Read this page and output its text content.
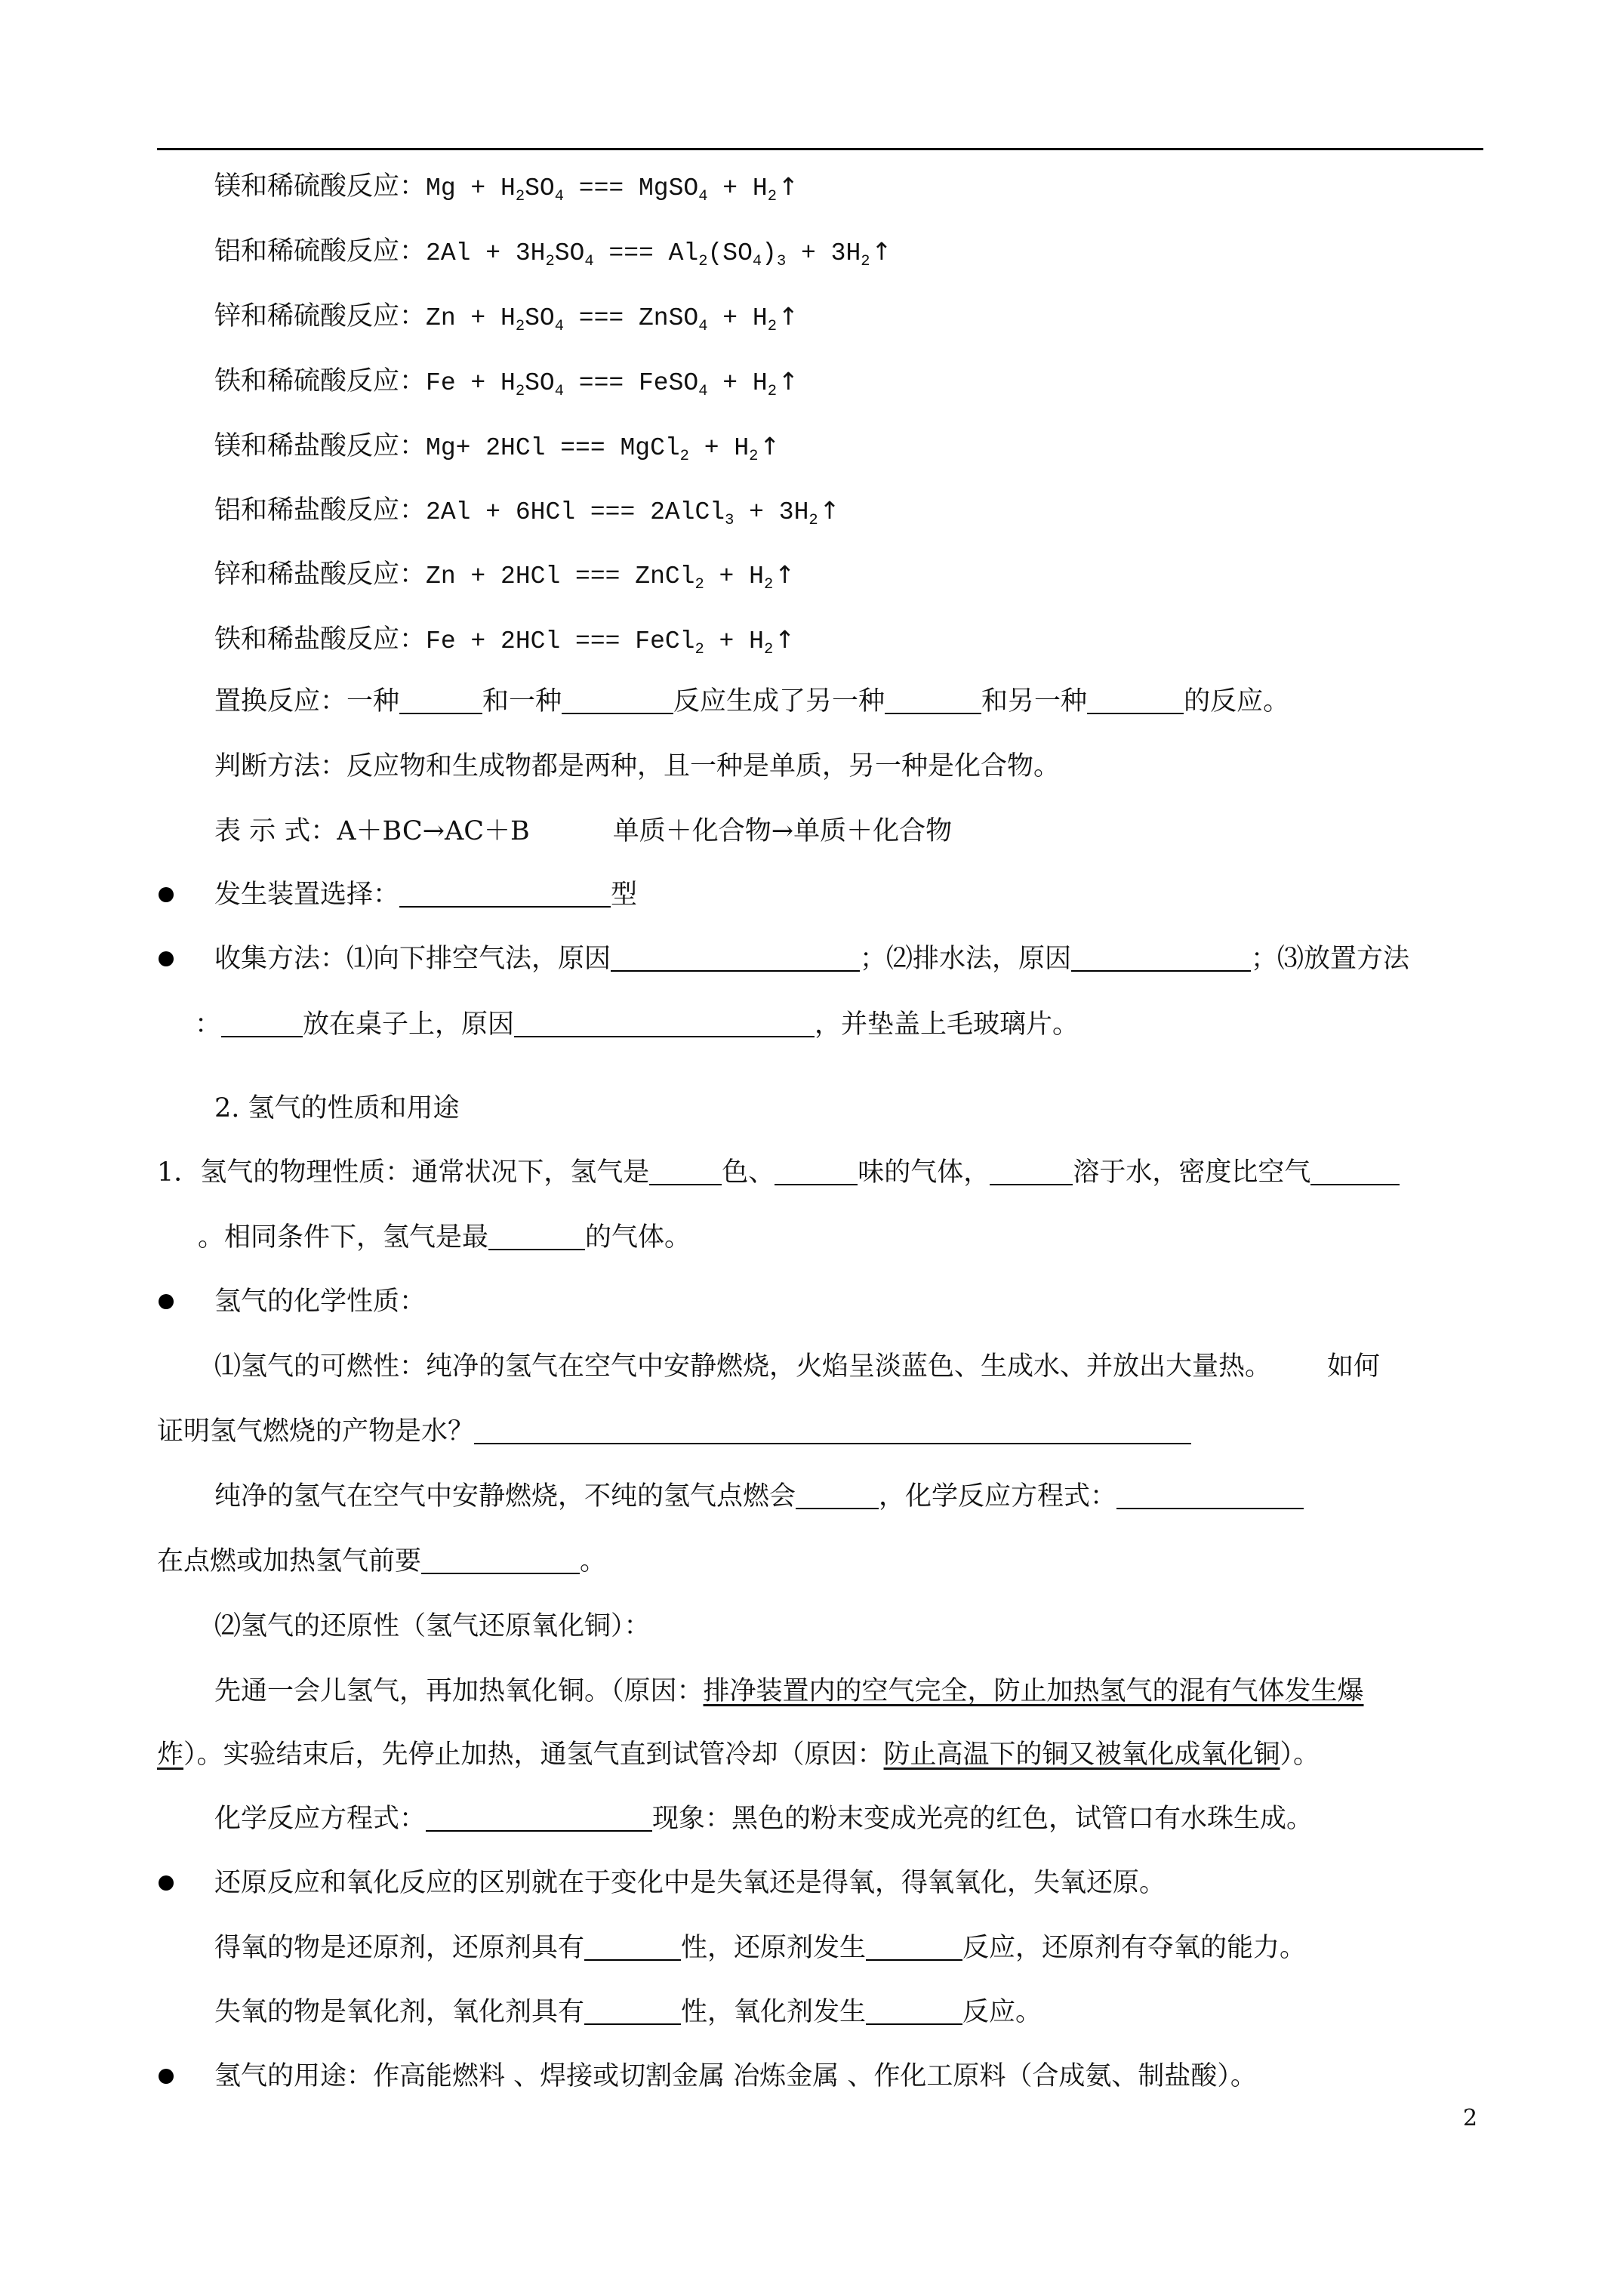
镁和稀硫酸反应：$Mg + H_2SO_4$ === MgSO$_4$ + $H_2↑$
铝和稀硫酸反应：$2Al + 3H_2SO_4$ === $Al_2(SO_4)_3$ + $3H_2↑$
锌和稀硫酸反应：$Zn + H_2SO_4$ === ZnSO$_4$ + $H_2↑$
铁和稀硫酸反应：$Fe + H_2SO_4$ === FeSO$_4$ + $H_2↑$
镁和稀盐酸反应：Mg+ 2HCl === MgCl$_2$ + $H_2↑$
铝和稀盐酸反应：2Al + 6HCl === 2AlCl$_3$ + $3H_2↑$
锌和稀盐酸反应：Zn + 2HCl === ZnCl$_2$ + $H_2↑$
铁和稀盐酸反应：Fe + 2HCl === FeCl$_2$ + $H_2↑$
置换反应：一种	和一种	反应生成了另一种	和另一种	的反应。
判断方法：反应物和生成物都是两种，且一种是单质，另一种是化合物。
表 示 式：A＋BC→AC＋B	单质＋化合物→单质＋化合物
发生装置选择：	型
收集方法：⑴向下排空气法，原因	；⑵排水法，原因	；⑶放置方法
：	放在桌子上，原因	，并垫盖上毛玻璃片。
2. 氢气的性质和用途
1．氢气的物理性质：通常状况下，氢气是	色、	味的气体，	溶于水，密度比空气
。相同条件下，氢气是最	的气体。
氢气的化学性质：
⑴氢气的可燃性：纯净的氢气在空气中安静燃烧，火焰呈淡蓝色、生成水、并放出大量热。 如何
证明氢气燃烧的产物是水？
纯净的氢气在空气中安静燃烧，不纯的氢气点燃会	，化学反应方程式：
在点燃或加热氢气前要	。
⑵氢气的还原性（氢气还原氧化铜）：
先通一会儿氢气，再加热氧化铜。（原因：排净装置内的空气完全，防止加热氢气的混有气体发生爆
炸）。实验结束后，先停止加热，通氢气直到试管冷却（原因：防止高温下的铜又被氧化成氧化铜）。
化学反应方程式：	现象：黑色的粉末变成光亮的红色，试管口有水珠生成。
还原反应和氧化反应的区别就在于变化中是失氧还是得氧，得氧氧化，失氧还原。
得氧的物是还原剂，还原剂具有	性，还原剂发生	反应，还原剂有夺氧的能力。
失氧的物是氧化剂，氧化剂具有	性，氧化剂发生	反应。
氢气的用途：作高能燃料 、焊接或切割金属 冶炼金属 、作化工原料（合成氨、制盐酸）。
2
